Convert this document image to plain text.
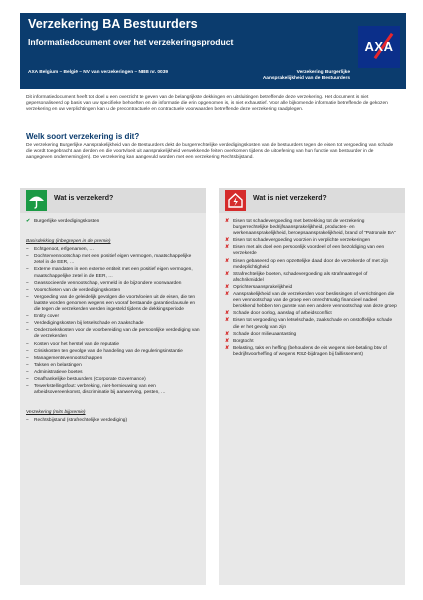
Verzekering BA Bestuurders
Informatiedocument over het verzekeringsproduct
AXA Belgium – België – NV van verzekeringen – NBB nr. 0039	Verzekering Burgerlijke
Aansprakelijkheid van de Bestuurders
AXA
Dit informatiedocument heeft tot doel u een overzicht te geven van de belangrijkste dekkingen en uitsluitingen betreffende deze verzekering. Het document is niet gepersonaliseerd op basis van uw specifieke behoeften en de informatie die erin opgenomen is, is niet exhaustief. Voor alle bijkomende informatie betreffende de gekozen verzekering en uw verplichtingen kan u de precontractuele en contractuele voorwaarden betreffende deze verzekering raadplegen.
Welk soort verzekering is dit?
De verzekering Burgerlijke Aansprakelijkheid van de Bestuurders dekt de burgerrechtelijke verdedigingskosten van de bestuurders tegen de eisen tot vergoeding van schade die wordt toegebracht aan derden en die voortvloeit uit aansprakelijkheid verwekkende feiten overkomen tijdens de uitoefening van hun functie van bestuurder in de aangegeven onderneming(en). De verzekering kan aangevuld worden met een verzekering Rechtsbijstand.
Wat is verzekerd?
✔ Burgerlijke verdedigingskosten
Basisdekking (inbegrepen in de premie)
– Echtgenoot, erfgenamen, …
– Dochtervennootschap met een positief eigen vermogen, maatschappelijke zetel in de EER, …
– Externe mandaten in een externe entiteit met een positief eigen vermogen, maatschappelijke zetel in de EER, …
– Geassocieerde vennootschap, vermeld in de bijzondere voorwaarden
– Voorschieten van de verdedigingskosten
– Vergoeding van de geleidelijk gevolgen die voortvloeien uit de eisen, die ten laatste worden genomen wegens een vooraf bestaande garantieclausule en die tegen de verzekerden werden ingesteld tijdens de dekkingsperiode
– Entity cover
– Verdedigingskosten bij letselschade en zaakschade
– Onderzoekskosten voor de voorbereiding van de persoonlijke verdediging van de verzekerden
– Kosten voor het herstel van de reputatie
– Crisiskosten ten gevolge van de handeling van de reguleringsinstantie
– Managementsvennootschappen
– Taksen en belastingen
– Administratieve boetes
– Onafhankelijke bestuurders (Corporate Governance)
– Tewerkstellingsfout: verbreking, niet-hernieuwing van een arbeidsovereenkomst, discriminatie bij aanwerving, pesten, …
Verzekering (mits bijpremie)
– Rechtsbijstand (strafrechtelijke verdediging)
Wat is niet verzekerd?
✘ Eisen tot schadevergoeding met betrekking tot de verzekering burgerrechtelijke bedrijfsaansprakelijkheid, producten- en werkenaansprakelijkheid, beroepsaansprakelijkheid, brand of “Patronale BA”
✘ Eisen tot schadevergoeding voorzien in verplichte verzekeringen
✘ Eisen met als doel een persoonlijk voordeel of een bezoldiging van een verzekerde
✘ Eisen gebaseerd op een opzettelijke daad door de verzekerde of met zijn medeplichtigheid
✘ Strafrechtelijke boeten, schadevergoeding als strafmaatregel of afschrikmiddel
✘ Oprichtersaansprakelijkheid
✘ Aansprakelijkheid van de verzekerden voor beslissingen of verrichtingen die een vennootschap van de groep een onrechtmatig financieel nadeel berokkend hebben ten gunste van een andere vennootschap van deze groep
✘ Schade door oorlog, aanslag of arbeidsconflict
✘ Eisen tot vergoeding van letselschade, zaakschade en onstoffelijke schade die er het gevolg van zijn
✘ Schade door milieuaantasting
✘ Borgtocht
✘ Belasting, taks en heffing (behoudens de eis wegens niet-betaling btw of bedrijfsvoorheffing of wegens RSZ-bijdragen bij faillissement)
